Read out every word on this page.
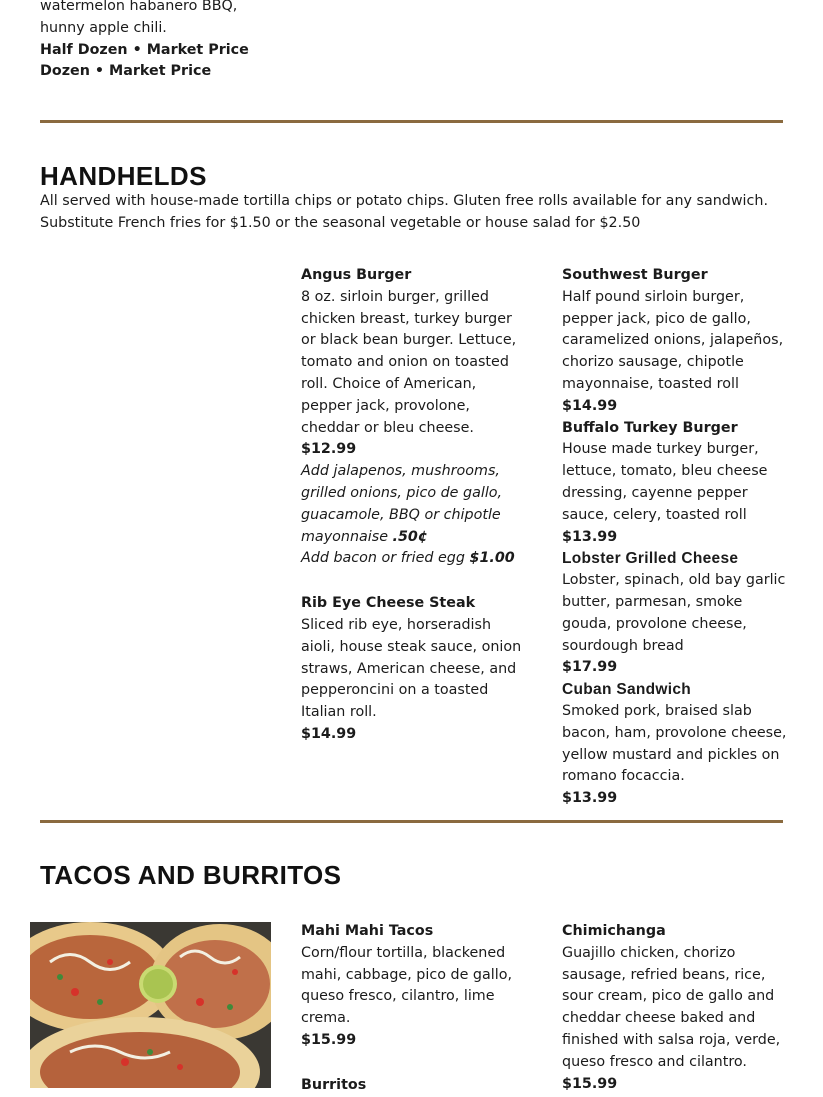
watermelon habanero BBQ,
hunny apple chili.
Half Dozen • Market Price
Dozen • Market Price
HANDHELDS
All served with house-made tortilla chips or potato chips. Gluten free rolls available for any sandwich.
Substitute French fries for $1.50 or the seasonal vegetable or house salad for $2.50

Angus Burger

8 oz. sirloin burger, grilled chicken breast, turkey burger or black bean burger. Lettuce, tomato and onion on toasted roll. Choice of American, pepper jack, provolone, cheddar or bleu cheese.

$12.99

Add jalapenos, mushrooms, grilled onions, pico de gallo, guacamole, BBQ or chipotle mayonnaise .50¢

Add bacon or fried egg $1.00

Rib Eye Cheese Steak

Sliced rib eye, horseradish aioli, house steak sauce, onion straws, American cheese, and pepperoncini on a toasted Italian roll.

$14.99

Southwest Burger

Half pound sirloin burger, pepper jack, pico de gallo, caramelized onions, jalapeños, chorizo sausage, chipotle mayonnaise, toasted roll $14.99

Buffalo Turkey Burger

House made turkey burger, lettuce, tomato, bleu cheese dressing, cayenne pepper sauce, celery, toasted roll

$13.99

Lobster Grilled Cheese

Lobster, spinach, old bay garlic butter, parmesan, smoke gouda, provolone cheese, sourdough bread

$17.99

Cuban Sandwich

Smoked pork, braised slab bacon, ham, provolone cheese, yellow mustard and pickles on romano focaccia.

$13.99

TACOS AND BURRITOS

Mahi Mahi Tacos

Corn/flour tortilla, blackened mahi, cabbage, pico de gallo, queso fresco, cilantro, lime crema.

$15.99

Burritos

Chimichanga

Guajillo chicken, chorizo sausage, refried beans, rice, sour cream, pico de gallo and cheddar cheese baked and finished with salsa roja, verde, queso fresco and cilantro.

$15.99
